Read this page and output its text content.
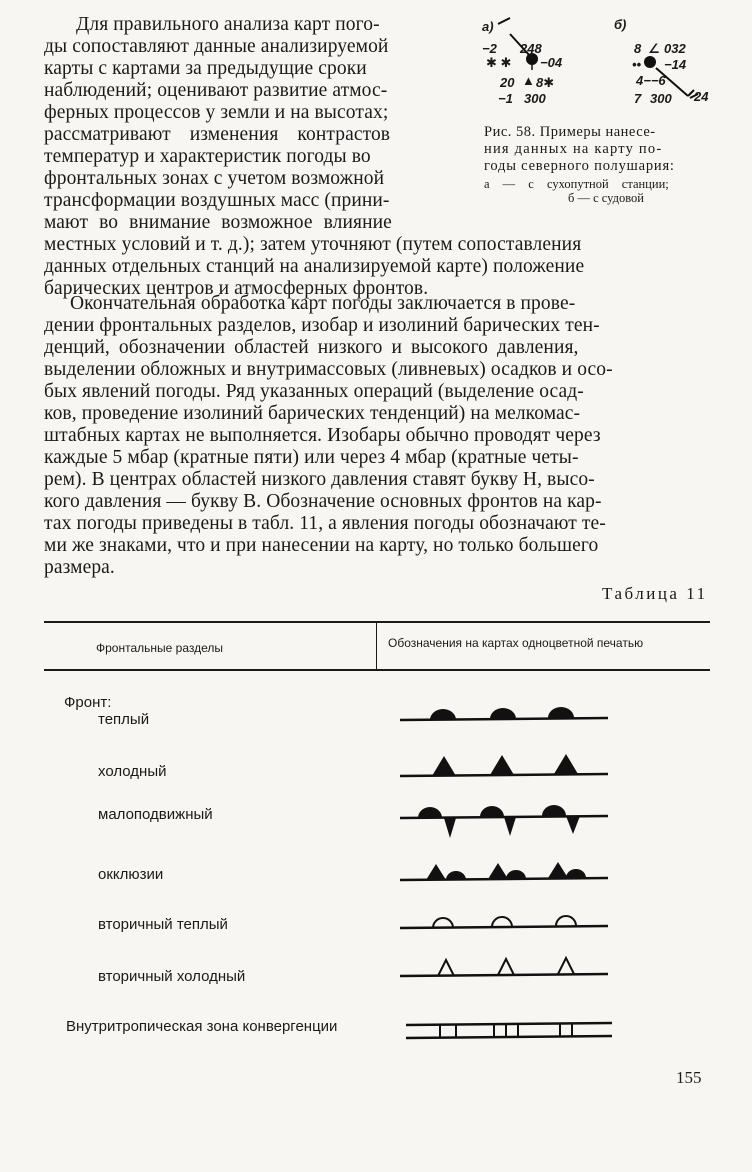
Для правильного анализа карт пого-
ды сопоставляют данные анализируемой
карты с картами за предыдущие сроки
наблюдений; оценивают развитие атмос-
ферных процессов у земли и на высотах;
рассматривают изменения контрастов
температур и характеристик погоды во
фронтальных зонах с учетом возможной
трансформации воздушных масс (прини-
мают во внимание возможное влияние
местных условий и т. д.); затем уточняют (путем сопоставления
данных отдельных станций на анализируемой карте) положение
барических центров и атмосферных фронтов.
а)
−2
✱ ✱
248
−04
20 ▲ 8✱
−1 300
б)
8 ∠ 032
•• −14
4−−6
7 300 24
Рис. 58. Примеры нанесе-
ния данных на карту по-
годы северного полушария:
а — с сухопутной станции;
б — с судовой
Окончательная обработка карт погоды заключается в прове-
дении фронтальных разделов, изобар и изолиний барических тен-
денций, обозначении областей низкого и высокого давления,
выделении обложных и внутримассовых (ливневых) осадков и осо-
бых явлений погоды. Ряд указанных операций (выделение осад-
ков, проведение изолиний барических тенденций) на мелкомас-
штабных картах не выполняется. Изобары обычно проводят через
каждые 5 мбар (кратные пяти) или через 4 мбар (кратные четы-
рем). В центрах областей низкого давления ставят букву Н, высо-
кого давления — букву В. Обозначение основных фронтов на кар-
тах погоды приведены в табл. 11, а явления погоды обозначают те-
ми же знаками, что и при нанесении на карту, но только большего
размера.
Таблица 11
Фронтальные разделы	Обозначения на картах одноцветной печатью
Фронт:
теплый
холодный
малоподвижный
окклюзии
вторичный теплый
вторичный холодный
Внутритропическая зона конвергенции
155
